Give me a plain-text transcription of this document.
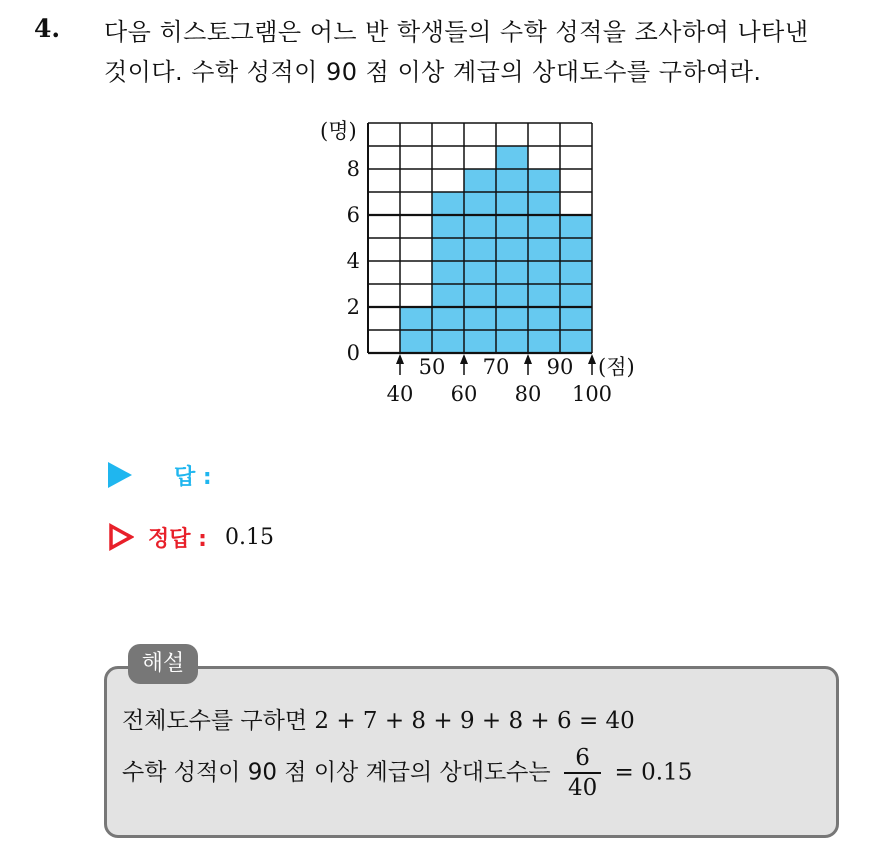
4. 다음 히스토그램은 어느 반 학생들의 수학 성적을 조사하여 나타낸
것이다. 수학 성적이 90 점 이상 계급의 상대도수를 구하여라.
(명)
(점)
0
2
4
6
8
40 60 80 100
50 70 90
답 :
정답 : 0.15
해설
전체도수를 구하면 2 + 7 + 8 + 9 + 8 + 6 = 40
수학 성적이 90 점 이상 계급의 상대도수는 $\frac{6}{40} = 0.15$
